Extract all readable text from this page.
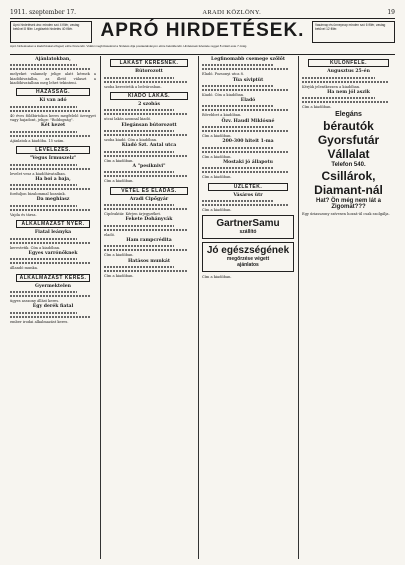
1911. szeptember 17.	ARADI KÖZLÖNY.	19
Apró hirdetések ára: minden szó 4 fillér, vastag betűvel 8 fillér. Legkisebb hirdetés 40 fillér.	APRÓ HIRDETÉSEK.	Vasárnap és ünnepnap minden szó 6 fillér, vastag betűvel 12 fillér.
Apró hirdetéseket a kiadóhivatal elfogad; előre fizetendő. Vidéki megbízásoknál a hirdetés díja postautalványon előre beküldendő. Hirdetések felvétele reggel 8 órától este 7 óráig.
Ajánlatokban,

melyeket valamely jelige alatt kérnek a kiadóhivatalba, az illető választ a kiadóhivatalban meg lehet tekinteni.

HÁZASSÁG.
Ki van adó

40 éves földbirtokos keres megfelelő özvegyet vagy hajadont, jelige: "Boldogság".

Két kezet

Ajánlatok a kiadóba. 15 szám.

LEVELEZÉS.
"Vegus Irmuszelz"

levelet vesz a kiadóhivatalban.

Ha boi a baja,

forduljon bizalommal hozzánk.

Da meghiasz

Vajda és társa.

ALKALMAZÁST NYER.
Fiatal leányka

kerestetik. Cím a kiadóban.

Egyes varrónőknek

állandó munka.

ALKALMAZÁST KERES.
Gyermektelen

ügyes asszony állást keres.

Egy derék fiatal

ember irodai alkalmazást keres.

LAKÁST KERESNEK.
Bútorozott

szoba kerestetik a belvárosban.

KIADÓ LAKÁS.
2 szobás

utcai lakás azonnal kiadó.

Elegánsan bútorozott

szoba kiadó. Cím a kiadóban.

Kiadó Szt. Antal utca

Cím a kiadóban.

A "pesiknivi"

Cím a kiadóban.

VÉTEL ÉS ELADÁS.
Aradi Cipőgyár

Cipőraktár. Kérjen árjegyzéket.

Fekete Dohányvák

eladó.

Ham rampcrédita

Cím a kiadóban.

Hatásos munkát

Cím a kiadóban.

Legfinomabb csemege szőlőt

Eladó. Pozsonyi utca 8.

Tüa síviptüt

Kiadó. Cím a kiadóban.

Eladó

Bővebbet a kiadóban.

Özv. Haudl Miklósné

Cím a kiadóban.

200-300 hiteit 1-ma

Cím a kiadóban.

Mostaki jó állapotu

Cím a kiadóban.

ÜZLETEK.
Vásáros ütr

Cím a kiadóban.

GartnerSamu
szállító
Jó egészségének
megőrzése végett
ajánlatos

Cím a kiadóban.

KÜLÖNFÉLE.
Augusztus 25-én

Kérjük jelentkezzen a kiadóban.

Ha nem jól aszik

Cím a kiadóban.

Elegáns
bérautók
Gyorsfutár
Vállalat
Telefon 540.
Csillárok,
Diamant-nál
Hat? Ön még nem lát a Zigomat???

Egy úriasszony szívesen hozzá-ül csak szolgálja.
